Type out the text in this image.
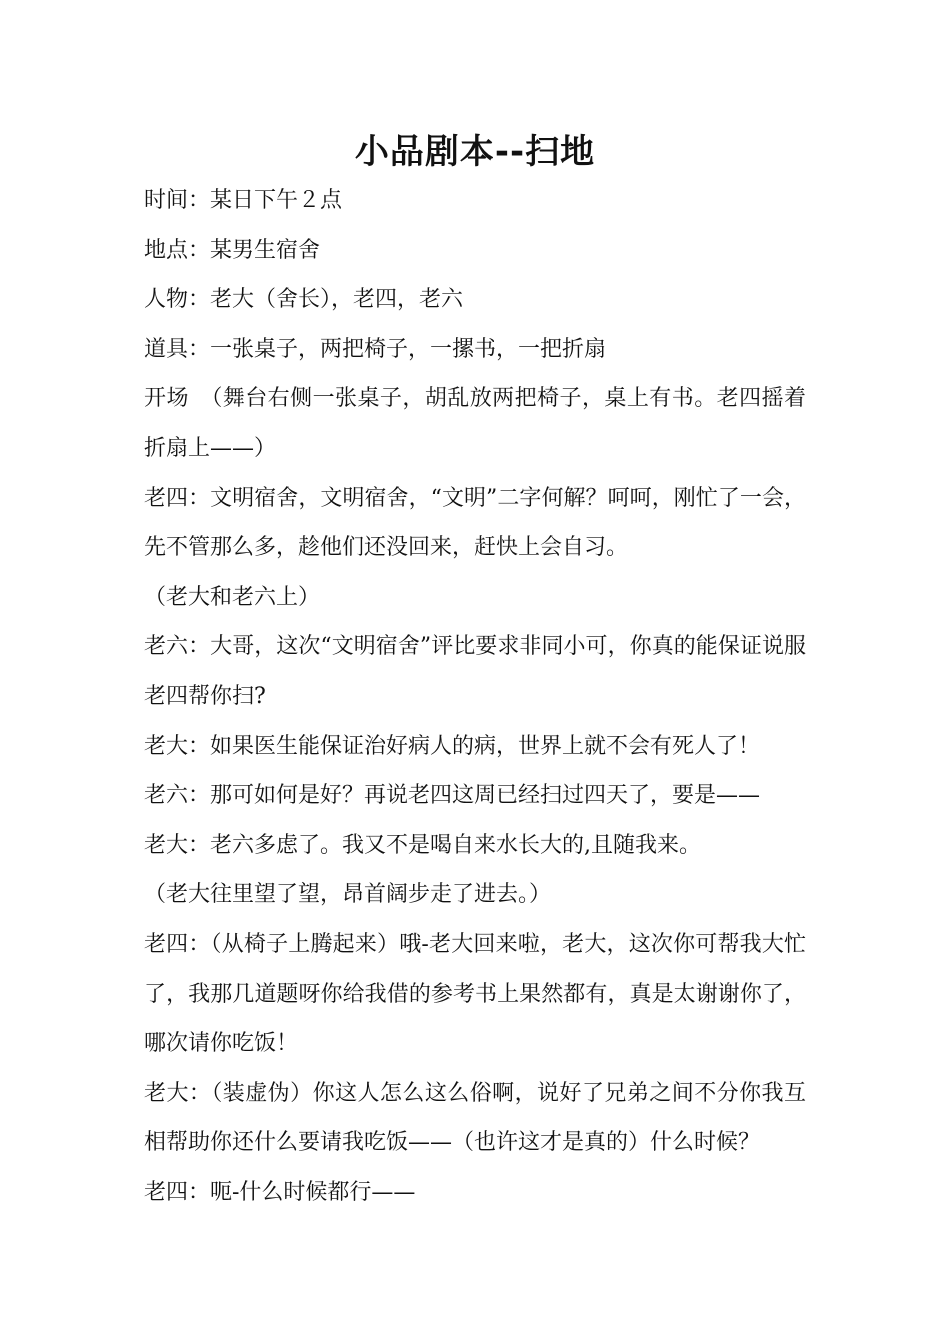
小品剧本--扫地

时间：某日下午２点

地点：某男生宿舍

人物：老大（舍长），老四，老六

道具：一张桌子，两把椅子，一摞书，一把折扇

开场　（舞台右侧一张桌子，胡乱放两把椅子，桌上有书。老四摇着折扇上——）

老四：文明宿舍，文明宿舍，“文明”二字何解？呵呵，刚忙了一会，先不管那么多，趁他们还没回来，赶快上会自习。

（老大和老六上）

老六：大哥，这次“文明宿舍”评比要求非同小可，你真的能保证说服老四帮你扫?

老大：如果医生能保证治好病人的病，世界上就不会有死人了！

老六：那可如何是好？再说老四这周已经扫过四天了，要是——

老大：老六多虑了。我又不是喝自来水长大的,且随我来。

（老大往里望了望，昂首阔步走了进去。）

老四：（从椅子上腾起来）哦-老大回来啦，老大，这次你可帮我大忙了，我那几道题呀你给我借的参考书上果然都有，真是太谢谢你了，哪次请你吃饭！

老大：（装虚伪）你这人怎么这么俗啊，说好了兄弟之间不分你我互相帮助你还什么要请我吃饭——（也许这才是真的）什么时候？

老四：呃-什么时候都行——
